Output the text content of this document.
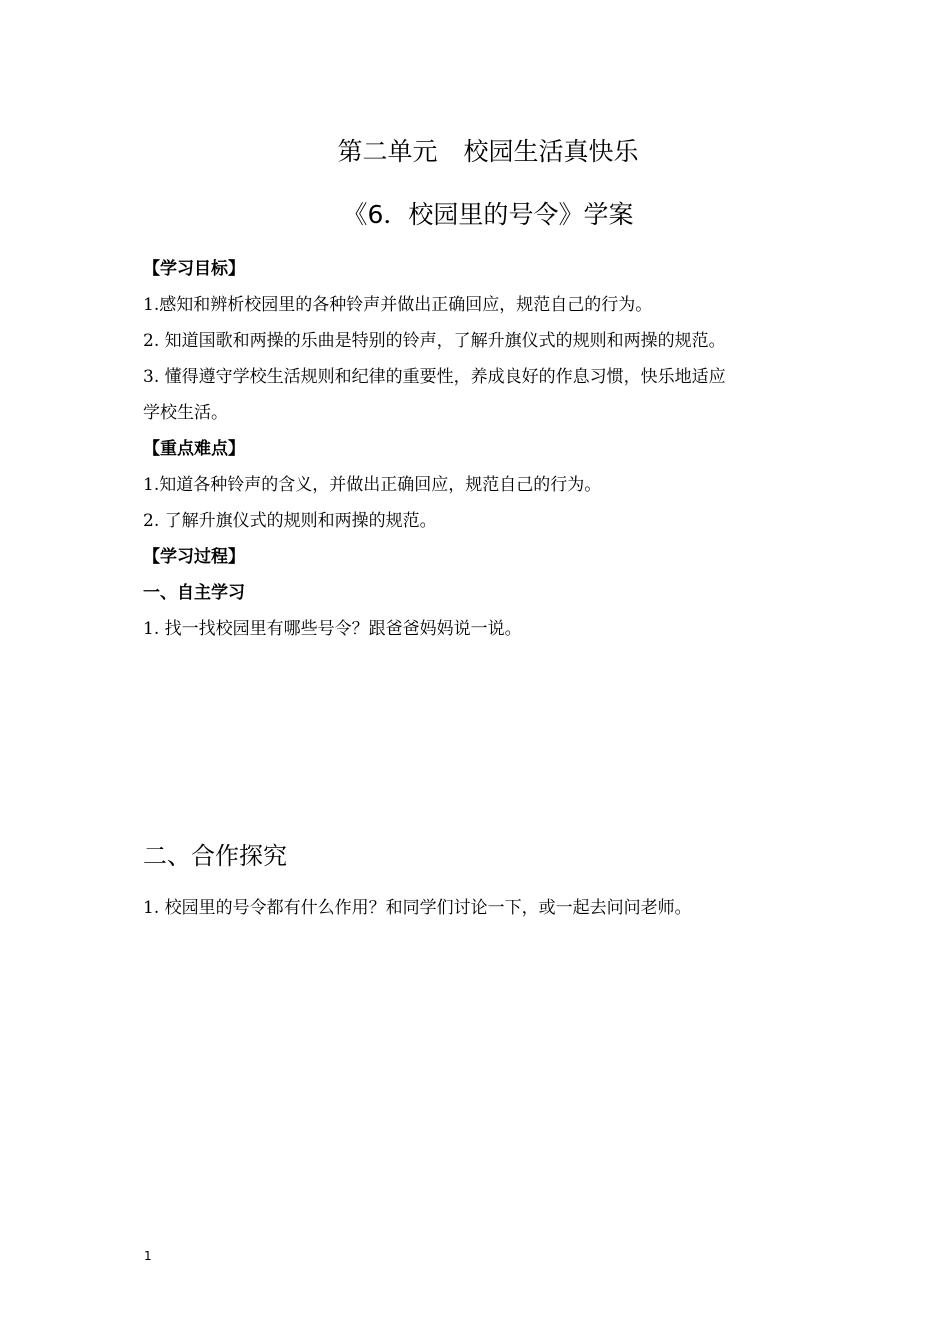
第二单元 校园生活真快乐
《6．校园里的号令》学案
【学习目标】
1.感知和辨析校园里的各种铃声并做出正确回应，规范自己的行为。
2. 知道国歌和两操的乐曲是特别的铃声，了解升旗仪式的规则和两操的规范。
3. 懂得遵守学校生活规则和纪律的重要性，养成良好的作息习惯，快乐地适应
学校生活。
【重点难点】
1.知道各种铃声的含义，并做出正确回应，规范自己的行为。
2. 了解升旗仪式的规则和两操的规范。
【学习过程】
一、自主学习
1. 找一找校园里有哪些号令？跟爸爸妈妈说一说。
二、合作探究
1. 校园里的号令都有什么作用？和同学们讨论一下，或一起去问问老师。
1
